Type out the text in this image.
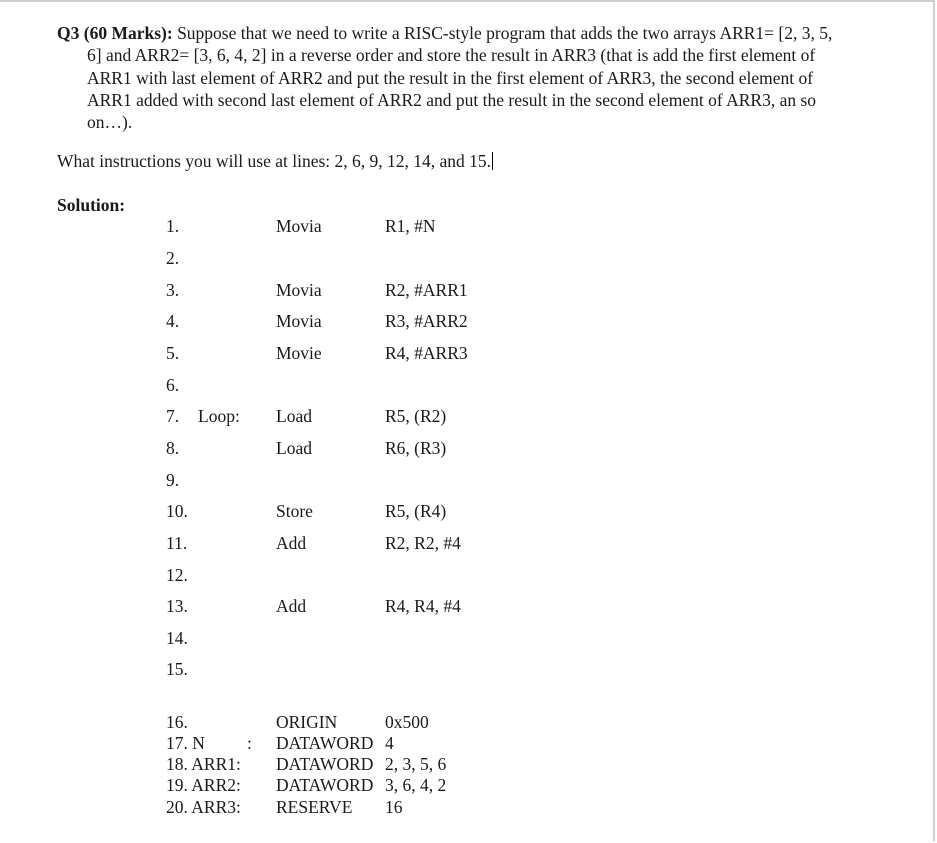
Q3 (60 Marks): Suppose that we need to write a RISC-style program that adds the two arrays ARR1= [2, 3, 5,
6] and ARR2= [3, 6, 4, 2] in a reverse order and store the result in ARR3 (that is add the first element of
ARR1 with last element of ARR2 and put the result in the first element of ARR3, the second element of
ARR1 added with second last element of ARR2 and put the result in the second element of ARR3, an so
on…).
What instructions you will use at lines: 2, 6, 9, 12, 14, and 15.
Solution:
1.	Movia	R1, #N
2.
3.	Movia	R2, #ARR1
4.	Movia	R3, #ARR2
5.	Movie	R4, #ARR3
6.
7. Loop: Load	R5, (R2)
8.	Load	R6, (R3)
9.
10.	Store	R5, (R4)
11.	Add	R2, R2, #4
12.
13.	Add	R4, R4, #4
14.
15.
16.	ORIGIN	0x500
17. N : DATAWORD 4
18. ARR1: DATAWORD 2, 3, 5, 6
19. ARR2: DATAWORD 3, 6, 4, 2
20. ARR3: RESERVE 16
